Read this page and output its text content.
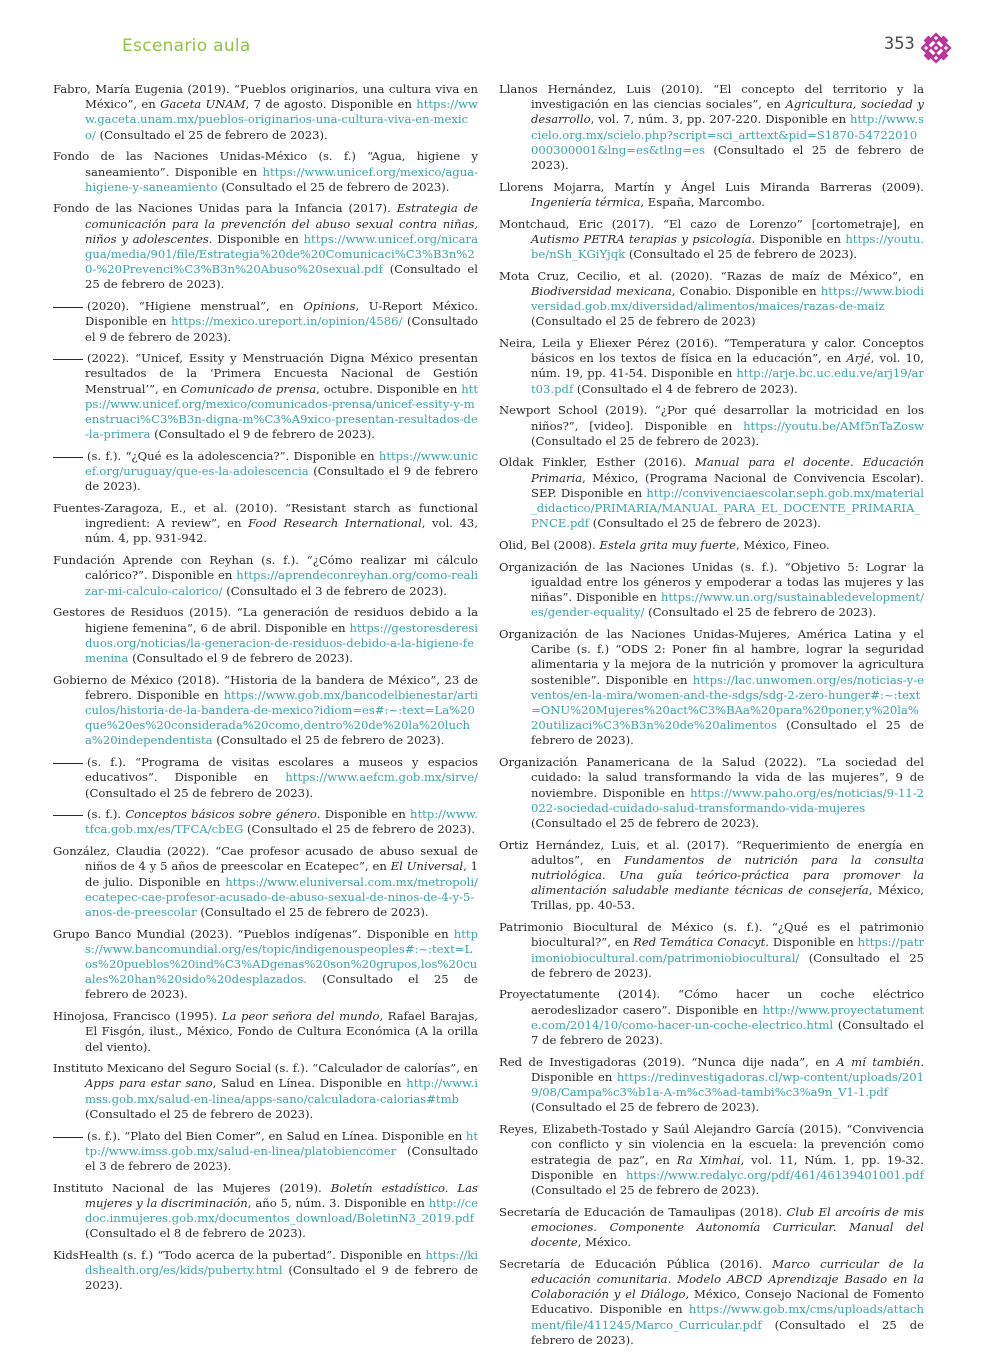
Escenario aula	353

Fabro, María Eugenia (2019). “Pueblos originarios, una cultura viva en México”, en Gaceta UNAM, 7 de agosto. Disponible en https://www.gaceta.unam.mx/pueblos-originarios-una-cultura-viva-en-mexico/ (Consultado el 25 de febrero de 2023).

Fondo de las Naciones Unidas-México (s. f.) “Agua, higiene y saneamiento”. Disponible en https://www.unicef.org/mexico/agua-higiene-y-saneamiento (Consultado el 25 de febrero de 2023).

Fondo de las Naciones Unidas para la Infancia (2017). Estrategia de comunicación para la prevención del abuso sexual contra niñas, niños y adolescentes. Disponible en https://www.unicef.org/nicaragua/media/901/file/Estrategia%20de%20Comunicaci%C3%B3n%20-%20Prevenci%C3%B3n%20Abuso%20sexual.pdf (Consultado el 25 de febrero de 2023).

(2020). “Higiene menstrual”, en Opinions, U-Report México. Disponible en https://mexico.ureport.in/opinion/4586/ (Consultado el 9 de febrero de 2023).

(2022). “Unicef, Essity y Menstruación Digna México presentan resultados de la ‘Primera Encuesta Nacional de Gestión Menstrual’”, en Comunicado de prensa, octubre. Disponible en https://www.unicef.org/mexico/comunicados-prensa/unicef-essity-y-menstruaci%C3%B3n-digna-m%C3%A9xico-presentan-resultados-de-la-primera (Consultado el 9 de febrero de 2023).

(s. f.). “¿Qué es la adolescencia?”. Disponible en https://www.unicef.org/uruguay/que-es-la-adolescencia (Consultado el 9 de febrero de 2023).

Fuentes-Zaragoza, E., et al. (2010). “Resistant starch as functional ingredient: A review”, en Food Research International, vol. 43, núm. 4, pp. 931-942.

Fundación Aprende con Reyhan (s. f.). “¿Cómo realizar mi cálculo calórico?”. Disponible en https://aprendeconreyhan.org/como-realizar-mi-calculo-calorico/ (Consultado el 3 de febrero de 2023).

Gestores de Residuos (2015). “La generación de residuos debido a la higiene femenina”, 6 de abril. Disponible en https://gestoresderesiduos.org/noticias/la-generacion-de-residuos-debido-a-la-higiene-femenina (Consultado el 9 de febrero de 2023).

Gobierno de México (2018). “Historia de la bandera de México”, 23 de febrero. Disponible en https://www.gob.mx/bancodelbienestar/articulos/historia-de-la-bandera-de-mexico?idiom=es#:~:text=La%20que%20es%20considerada%20como,dentro%20de%20la%20lucha%20independentista (Consultado el 25 de febrero de 2023).

(s. f.). “Programa de visitas escolares a museos y espacios educativos”. Disponible en https://www.aefcm.gob.mx/sirve/ (Consultado el 25 de febrero de 2023).

(s. f.). Conceptos básicos sobre género. Disponible en http://www.tfca.gob.mx/es/TFCA/cbEG (Consultado el 25 de febrero de 2023).

González, Claudia (2022). “Cae profesor acusado de abuso sexual de niños de 4 y 5 años de preescolar en Ecatepec”, en El Universal, 1 de julio. Disponible en https://www.eluniversal.com.mx/metropoli/ecatepec-cae-profesor-acusado-de-abuso-sexual-de-ninos-de-4-y-5-anos-de-preescolar (Consultado el 25 de febrero de 2023).

Grupo Banco Mundial (2023). “Pueblos indígenas”. Disponible en https://www.bancomundial.org/es/topic/indigenouspeoples#:~:text=Los%20pueblos%20ind%C3%ADgenas%20son%20grupos,los%20cuales%20han%20sido%20desplazados. (Consultado el 25 de febrero de 2023).

Hinojosa, Francisco (1995). La peor señora del mundo, Rafael Barajas, El Fisgón, ilust., México, Fondo de Cultura Económica (A la orilla del viento).

Instituto Mexicano del Seguro Social (s. f.). “Calculador de calorías”, en Apps para estar sano, Salud en Línea. Disponible en http://www.imss.gob.mx/salud-en-linea/apps-sano/calculadora-calorias#tmb (Consultado el 25 de febrero de 2023).

(s. f.). “Plato del Bien Comer”, en Salud en Línea. Disponible en http://www.imss.gob.mx/salud-en-linea/platobiencomer (Consultado el 3 de febrero de 2023).

Instituto Nacional de las Mujeres (2019). Boletín estadístico. Las mujeres y la discriminación, año 5, núm. 3. Disponible en http://cedoc.inmujeres.gob.mx/documentos_download/BoletinN3_2019.pdf (Consultado el 8 de febrero de 2023).

KidsHealth (s. f.) “Todo acerca de la pubertad”. Disponible en https://kidshealth.org/es/kids/puberty.html (Consultado el 9 de febrero de 2023).

Llanos Hernández, Luis (2010). “El concepto del territorio y la investigación en las ciencias sociales”, en Agricultura, sociedad y desarrollo, vol. 7, núm. 3, pp. 207-220. Disponible en http://www.scielo.org.mx/scielo.php?script=sci_arttext&pid=S1870-54722010000300001&lng=es&tlng=es (Consultado el 25 de febrero de 2023).

Llorens Mojarra, Martín y Ángel Luis Miranda Barreras (2009). Ingeniería térmica, España, Marcombo.

Montchaud, Eric (2017). “El cazo de Lorenzo” [cortometraje], en Autismo PETRA terapias y psicología. Disponible en https://youtu.be/nSh_KGiYjqk (Consultado el 25 de febrero de 2023).

Mota Cruz, Cecilio, et al. (2020). “Razas de maíz de México”, en Biodiversidad mexicana, Conabio. Disponible en https://www.biodiversidad.gob.mx/diversidad/alimentos/maices/razas-de-maiz (Consultado el 25 de febrero de 2023)

Neira, Leila y Eliexer Pérez (2016). “Temperatura y calor. Conceptos básicos en los textos de física en la educación”, en Arjé, vol. 10, núm. 19, pp. 41-54. Disponible en http://arje.bc.uc.edu.ve/arj19/art03.pdf (Consultado el 4 de febrero de 2023).

Newport School (2019). “¿Por qué desarrollar la motricidad en los niños?”, [video]. Disponible en https://youtu.be/AMf5nTaZosw (Consultado el 25 de febrero de 2023).

Oldak Finkler, Esther (2016). Manual para el docente. Educación Primaria, México, (Programa Nacional de Convivencia Escolar). SEP. Disponible en http://convivenciaescolar.seph.gob.mx/material_didactico/PRIMARIA/MANUAL_PARA_EL_DOCENTE_PRIMARIA_PNCE.pdf (Consultado el 25 de febrero de 2023).

Olid, Bel (2008). Estela grita muy fuerte, México, Fineo.

Organización de las Naciones Unidas (s. f.). “Objetivo 5: Lograr la igualdad entre los géneros y empoderar a todas las mujeres y las niñas”. Disponible en https://www.un.org/sustainabledevelopment/es/gender-equality/ (Consultado el 25 de febrero de 2023).

Organización de las Naciones Unidas-Mujeres, América Latina y el Caribe (s. f.) “ODS 2: Poner fin al hambre, lograr la seguridad alimentaria y la mejora de la nutrición y promover la agricultura sostenible”. Disponible en https://lac.unwomen.org/es/noticias-y-eventos/en-la-mira/women-and-the-sdgs/sdg-2-zero-hunger#:~:text=ONU%20Mujeres%20act%C3%BAa%20para%20poner,y%20la%20utilizaci%C3%B3n%20de%20alimentos (Consultado el 25 de febrero de 2023).

Organización Panamericana de la Salud (2022). “La sociedad del cuidado: la salud transformando la vida de las mujeres”, 9 de noviembre. Disponible en https://www.paho.org/es/noticias/9-11-2022-sociedad-cuidado-salud-transformando-vida-mujeres (Consultado el 25 de febrero de 2023).

Ortiz Hernández, Luis, et al. (2017). “Requerimiento de energía en adultos”, en Fundamentos de nutrición para la consulta nutriológica. Una guía teórico-práctica para promover la alimentación saludable mediante técnicas de consejería, México, Trillas, pp. 40-53.

Patrimonio Biocultural de México (s. f.). “¿Qué es el patrimonio biocultural?”, en Red Temática Conacyt. Disponible en https://patrimoniobiocultural.com/patrimoniobiocultural/ (Consultado el 25 de febrero de 2023).

Proyectatumente (2014). “Cómo hacer un coche eléctrico aerodeslizador casero”. Disponible en http://www.proyectatumente.com/2014/10/como-hacer-un-coche-electrico.html (Consultado el 7 de febrero de 2023).

Red de Investigadoras (2019). “Nunca dije nada”, en A mí también. Disponible en https://redinvestigadoras.cl/wp-content/uploads/2019/08/Campa%c3%b1a-A-m%c3%ad-tambi%c3%a9n_V1-1.pdf (Consultado el 25 de febrero de 2023).

Reyes, Elizabeth-Tostado y Saúl Alejandro García (2015). “Convivencia con conflicto y sin violencia en la escuela: la prevención como estrategia de paz”, en Ra Ximhai, vol. 11, Núm. 1, pp. 19-32. Disponible en https://www.redalyc.org/pdf/461/46139401001.pdf (Consultado el 25 de febrero de 2023).

Secretaría de Educación de Tamaulipas (2018). Club El arcoíris de mis emociones. Componente Autonomía Curricular. Manual del docente, México.

Secretaría de Educación Pública (2016). Marco curricular de la educación comunitaria. Modelo ABCD Aprendizaje Basado en la Colaboración y el Diálogo, México, Consejo Nacional de Fomento Educativo. Disponible en https://www.gob.mx/cms/uploads/attachment/file/411245/Marco_Curricular.pdf (Consultado el 25 de febrero de 2023).
